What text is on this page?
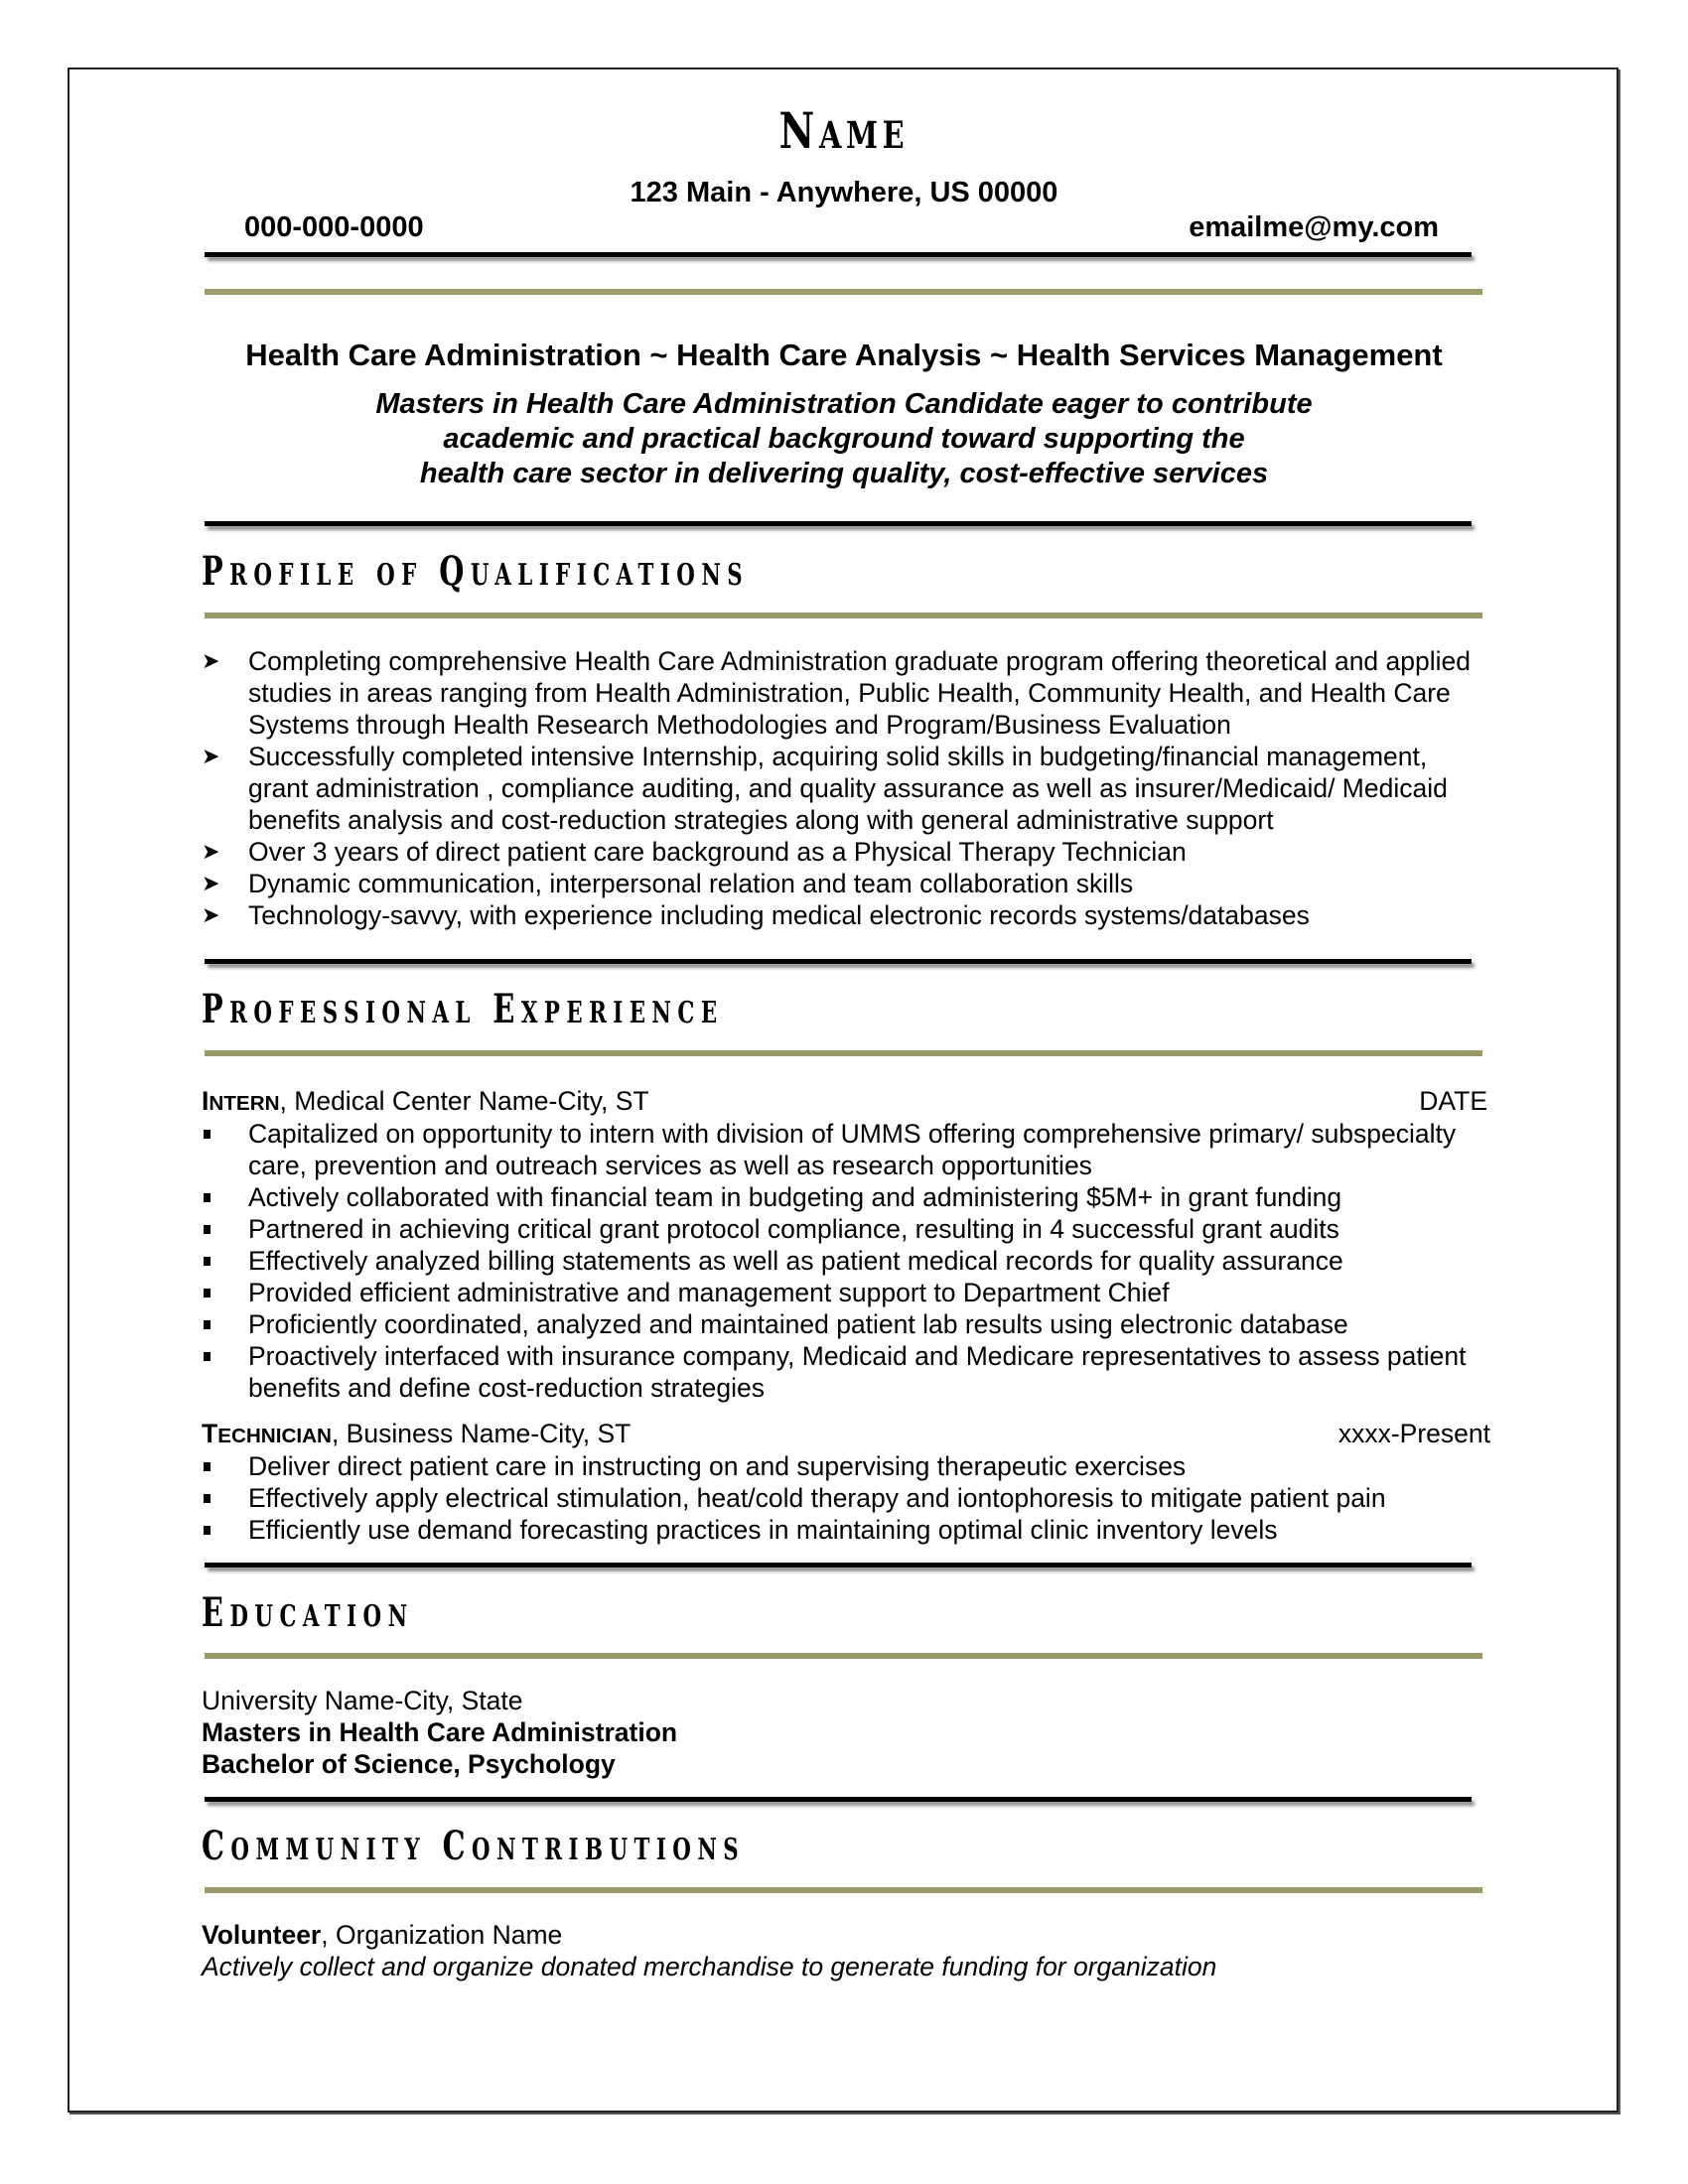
NAME
123 Main - Anywhere, US 00000
000-000-0000	emailme@my.com
Health Care Administration ~ Health Care Analysis ~ Health Services Management
Masters in Health Care Administration Candidate eager to contribute
academic and practical background toward supporting the
health care sector in delivering quality, cost-effective services
PROFILE OF QUALIFICATIONS
➤	Completing comprehensive Health Care Administration graduate program offering theoretical and applied studies in areas ranging from Health Administration, Public Health, Community Health, and Health Care Systems through Health Research Methodologies and Program/Business Evaluation
➤	Successfully completed intensive Internship, acquiring solid skills in budgeting/financial management, grant administration , compliance auditing, and quality assurance as well as insurer/Medicaid/ Medicaid benefits analysis and cost-reduction strategies along with general administrative support
➤	Over 3 years of direct patient care background as a Physical Therapy Technician
➤	Dynamic communication, interpersonal relation and team collaboration skills
➤	Technology-savvy, with experience including medical electronic records systems/databases
PROFESSIONAL EXPERIENCE
INTERN, Medical Center Name-City, ST	DATE
Capitalized on opportunity to intern with division of UMMS offering comprehensive primary/ subspecialty care, prevention and outreach services as well as research opportunities
Actively collaborated with financial team in budgeting and administering $5M+ in grant funding
Partnered in achieving critical grant protocol compliance, resulting in 4 successful grant audits
Effectively analyzed billing statements as well as patient medical records for quality assurance
Provided efficient administrative and management support to Department Chief
Proficiently coordinated, analyzed and maintained patient lab results using electronic database
Proactively interfaced with insurance company, Medicaid and Medicare representatives to assess patient benefits and define cost-reduction strategies
TECHNICIAN, Business Name-City, ST	xxxx-Present
Deliver direct patient care in instructing on and supervising therapeutic exercises
Effectively apply electrical stimulation, heat/cold therapy and iontophoresis to mitigate patient pain
Efficiently use demand forecasting practices in maintaining optimal clinic inventory levels
EDUCATION
University Name-City, State
Masters in Health Care Administration
Bachelor of Science, Psychology
COMMUNITY CONTRIBUTIONS
Volunteer, Organization Name
Actively collect and organize donated merchandise to generate funding for organization
